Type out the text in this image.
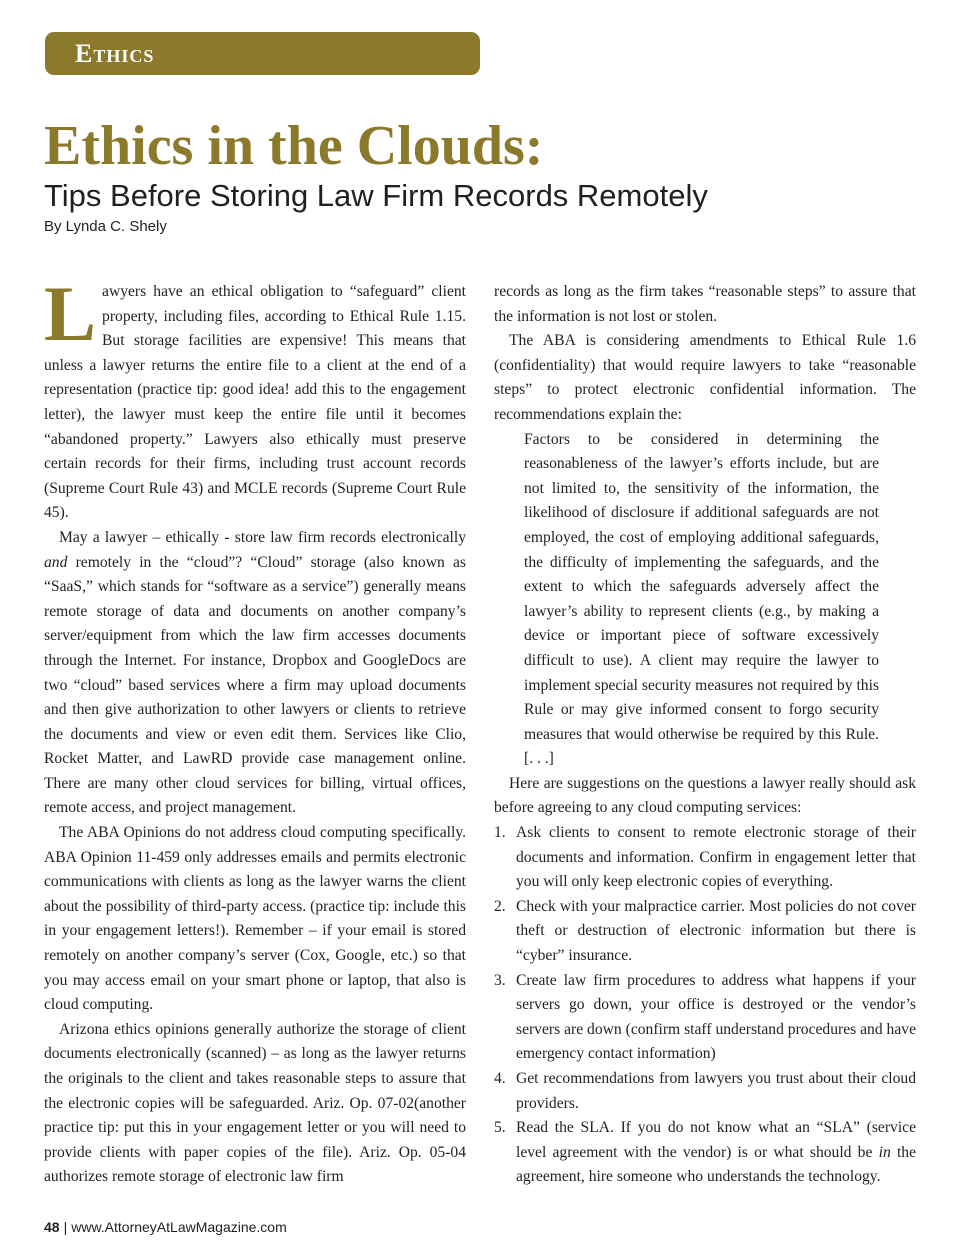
Ethics
Ethics in the Clouds:
Tips Before Storing Law Firm Records Remotely
By Lynda C. Shely

Lawyers have an ethical obligation to “safeguard” client property, including files, according to Ethical Rule 1.15. But storage facilities are expensive! This means that unless a lawyer returns the entire file to a client at the end of a representation (practice tip: good idea! add this to the engagement letter), the lawyer must keep the entire file until it becomes “abandoned property.” Lawyers also ethically must preserve certain records for their firms, including trust account records (Supreme Court Rule 43) and MCLE records (Supreme Court Rule 45).

May a lawyer – ethically - store law firm records electronically and remotely in the “cloud”? “Cloud” storage (also known as “SaaS,” which stands for “software as a service”) generally means remote storage of data and documents on another company’s server/equipment from which the law firm accesses documents through the Internet. For instance, Dropbox and GoogleDocs are two “cloud” based services where a firm may upload documents and then give authorization to other lawyers or clients to retrieve the documents and view or even edit them. Services like Clio, Rocket Matter, and LawRD provide case management online. There are many other cloud services for billing, virtual offices, remote access, and project management.

The ABA Opinions do not address cloud computing specifically. ABA Opinion 11-459 only addresses emails and permits electronic communications with clients as long as the lawyer warns the client about the possibility of third-party access. (practice tip: include this in your engagement letters!). Remember – if your email is stored remotely on another company’s server (Cox, Google, etc.) so that you may access email on your smart phone or laptop, that also is cloud computing.

Arizona ethics opinions generally authorize the storage of client documents electronically (scanned) – as long as the lawyer returns the originals to the client and takes reasonable steps to assure that the electronic copies will be safeguarded. Ariz. Op. 07-02(another practice tip: put this in your engagement letter or you will need to provide clients with paper copies of the file). Ariz. Op. 05-04 authorizes remote storage of electronic law firm

records as long as the firm takes “reasonable steps” to assure that the information is not lost or stolen.

The ABA is considering amendments to Ethical Rule 1.6 (confidentiality) that would require lawyers to take “reasonable steps” to protect electronic confidential information. The recommendations explain the:

Factors to be considered in determining the reasonableness of the lawyer’s efforts include, but are not limited to, the sensitivity of the information, the likelihood of disclosure if additional safeguards are not employed, the cost of employing additional safeguards, the difficulty of implementing the safeguards, and the extent to which the safeguards adversely affect the lawyer’s ability to represent clients (e.g., by making a device or important piece of software excessively difficult to use). A client may require the lawyer to implement special security measures not required by this Rule or may give informed consent to forgo security measures that would otherwise be required by this Rule. [. . .]

Here are suggestions on the questions a lawyer really should ask before agreeing to any cloud computing services:

1. Ask clients to consent to remote electronic storage of their documents and information. Confirm in engagement letter that you will only keep electronic copies of everything.
2. Check with your malpractice carrier. Most policies do not cover theft or destruction of electronic information but there is “cyber” insurance.
3. Create law firm procedures to address what happens if your servers go down, your office is destroyed or the vendor’s servers are down (confirm staff understand procedures and have emergency contact information)
4. Get recommendations from lawyers you trust about their cloud providers.
5. Read the SLA. If you do not know what an “SLA” (service level agreement with the vendor) is or what should be in the agreement, hire someone who understands the technology.
48 | www.AttorneyAtLawMagazine.com
